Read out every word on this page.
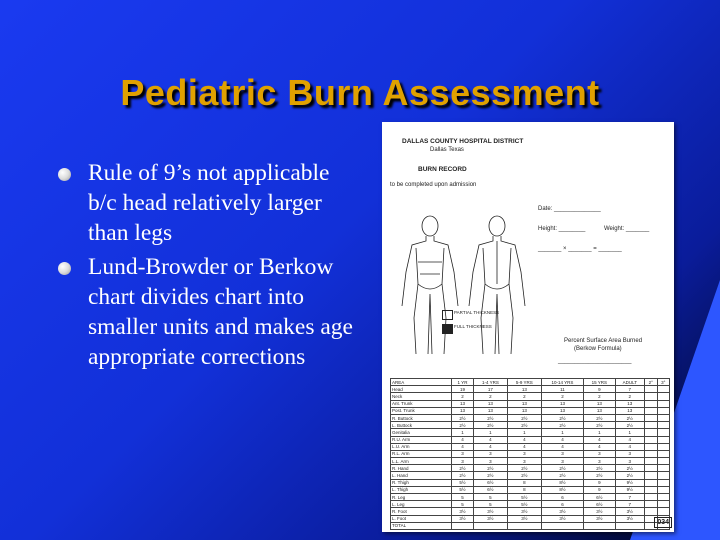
Pediatric Burn Assessment
Rule of 9’s not applicable b/c head relatively larger than legs
Lund-Browder or Berkow chart divides chart into smaller units and makes age appropriate corrections
DALLAS COUNTY HOSPITAL DISTRICT
Dallas Texas
BURN RECORD
to be completed upon admission
Date: ______________
Height: ________	Weight: _______
_______ × _______ = _______
PARTIAL THICKNESS
FULL THICKNESS
Percent Surface Area Burned
(Berkow Formula)
______________________
AREA	1 YR	1-4 YRS	5-9 YRS	10-14 YRS	15 YRS	ADULT	2°	3°
Head	19	17	13	11	9	7		
Neck	2	2	2	2	2	2		
Ant. Trunk	13	13	13	13	13	13		
Post. Trunk	13	13	13	13	13	13		
R. Buttock	2½	2½	2½	2½	2½	2½		
L. Buttock	2½	2½	2½	2½	2½	2½		
Genitalia	1	1	1	1	1	1		
R.U. Arm	4	4	4	4	4	4		
L.U. Arm	4	4	4	4	4	4		
R.L. Arm	3	3	3	3	3	3		
L.L. Arm	3	3	3	3	3	3		
R. Hand	2½	2½	2½	2½	2½	2½		
L. Hand	2½	2½	2½	2½	2½	2½		
R. Thigh	5½	6½	8	8½	9	9½		
L. Thigh	5½	6½	8	8½	9	9½		
R. Leg	5	5	5½	6	6½	7		
L. Leg	5	5	5½	6	6½	7		
R. Foot	3½	3½	3½	3½	3½	3½		
L. Foot	3½	3½	3½	3½	3½	3½		
TOTAL									034
